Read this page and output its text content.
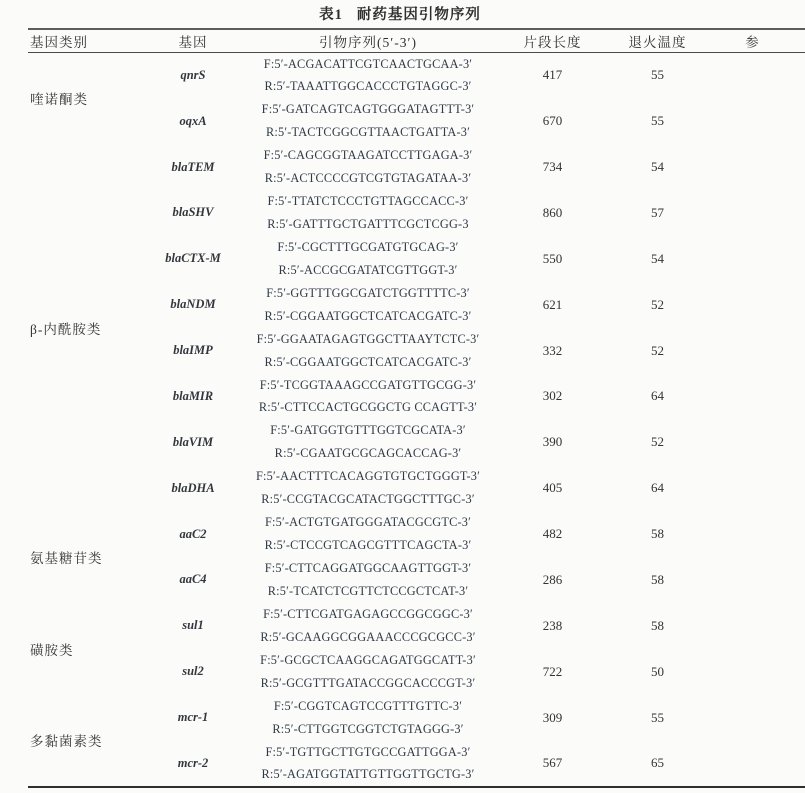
表1 耐药基因引物序列
基因类别	基因	引物序列(5′-3′)	片段长度	退火温度	参
喹诺酮类	qnrS	F:5′-ACGACATTCGTCAACTGCAA-3′
R:5′-TAAATTGGCACCCTGTAGGC-3′	417	55	
	oqxA	F:5′-GATCAGTCAGTGGGATAGTTT-3′
R:5′-TACTCGGCGTTAACTGATTA-3′	670	55	
β-内酰胺类	blaTEM	F:5′-CAGCGGTAAGATCCTTGAGA-3′
R:5′-ACTCCCCGTCGTGTAGATAA-3′	734	54	
	blaSHV	F:5′-TTATCTCCCTGTTAGCCACC-3′
R:5′-GATTTGCTGATTTCGCTCGG-3	860	57	
	blaCTX-M	F:5′-CGCTTTGCGATGTGCAG-3′
R:5′-ACCGCGATATCGTTGGT-3′	550	54	
	blaNDM	F:5′-GGTTTGGCGATCTGGTTTTC-3′
R:5′-CGGAATGGCTCATCACGATC-3′	621	52	
	blaIMP	F:5′-GGAATAGAGTGGCTTAAYTCTC-3′
R:5′-CGGAATGGCTCATCACGATC-3′	332	52	
	blaMIR	F:5′-TCGGTAAAGCCGATGTTGCGG-3′
R:5′-CTTCCACTGCGGCTG CCAGTT-3′	302	64	
	blaVIM	F:5′-GATGGTGTTTGGTCGCATA-3′
R:5′-CGAATGCGCAGCACCAG-3′	390	52	
	blaDHA	F:5′-AACTTTCACAGGTGTGCTGGGT-3′
R:5′-CCGTACGCATACTGGCTTTGC-3′	405	64	
氨基糖苷类	aaC2	F:5′-ACTGTGATGGGATACGCGTC-3′
R:5′-CTCCGTCAGCGTTTCAGCTA-3′	482	58	
	aaC4	F:5′-CTTCAGGATGGCAAGTTGGT-3′
R:5′-TCATCTCGTTCTCCGCTCAT-3′	286	58	
磺胺类	sul1	F:5′-CTTCGATGAGAGCCGGCGGC-3′
R:5′-GCAAGGCGGAAACCCGCGCC-3′	238	58	
	sul2	F:5′-GCGCTCAAGGCAGATGGCATT-3′
R:5′-GCGTTTGATACCGGCACCCGT-3′	722	50	
多黏菌素类	mcr-1	F:5′-CGGTCAGTCCGTTTGTTC-3′
R:5′-CTTGGTCGGTCTGTAGGG-3′	309	55	
	mcr-2	F:5′-TGTTGCTTGTGCCGATTGGA-3′
R:5′-AGATGGTATTGTTGGTTGCTG-3′	567	65	
